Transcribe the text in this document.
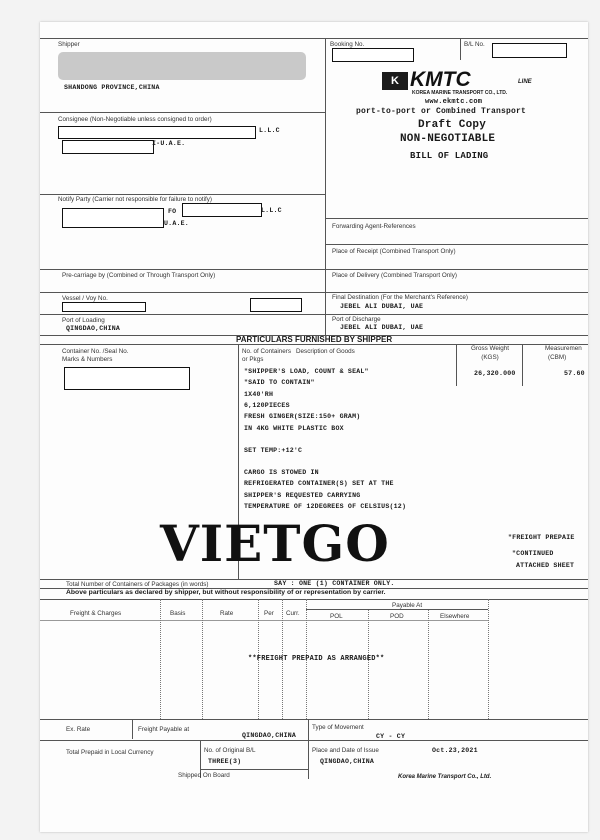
Shipper
SHANDONG PROVINCE,CHINA
Booking No.	B/L No.
K KMTC	LINE
KOREA MARINE TRANSPORT CO., LTD.
www.ekmtc.com
port-to-port or Combined Transport
Draft Copy
NON-NEGOTIABLE
BILL OF LADING
Consignee (Non-Negotiable unless consigned to order)
L.L.C
I-U.A.E.
Notify Party (Carrier not responsible for failure to notify)
FO	L.L.C
U.A.E.	Forwarding Agent-References
Place of Receipt (Combined Transport Only)
Pre-carriage by (Combined or Through Transport Only)	Place of Delivery (Combined Transport Only)
Vessel / Voy No.	Final Destination (For the Merchant's Reference)
JEBEL ALI DUBAI, UAE
Port of Loading
QINGDAO,CHINA
Port of Discharge
JEBEL ALI DUBAI, UAE
PARTICULARS FURNISHED BY SHIPPER
Container No. /Seal No.
Marks & Numbers
No. of Containers
or Pkgs
Description of Goods	Gross Weight
(KGS)
Measuremen
(CBM)
26,320.000	57.60
"SHIPPER'S LOAD, COUNT & SEAL"
"SAID TO CONTAIN"
1X40'RH
6,120PIECES
FRESH GINGER(SIZE:150+ GRAM)
IN 4KG WHITE PLASTIC BOX
SET TEMP:+12'C
CARGO IS STOWED IN
REFRIGERATED CONTAINER(S) SET AT THE
SHIPPER'S REQUESTED CARRYING
TEMPERATURE OF 12DEGREES OF CELSIUS(12)
VIETGO	"FREIGHT PREPAIE
"CONTINUED
ATTACHED SHEET
Total Number of Containers of Packages (in words)	SAY : ONE (1) CONTAINER ONLY.
Above particulars as declared by shipper, but without responsibility of or representation by carrier.
Freight & Charges	Basis	Rate	Per Curr.
Payable At
POL	POD	Elsewhere
**FREIGHT PREPAID AS ARRANGED**
Ex. Rate	Freight Payable at
QINGDAO,CHINA
Type of Movement
CY - CY
Total Prepaid in Local Currency	No. of Original B/L
THREE(3)
Place and Date of Issue	Oct.23,2021
QINGDAO,CHINA
Shipped On Board	Korea Marine Transport Co., Ltd.
